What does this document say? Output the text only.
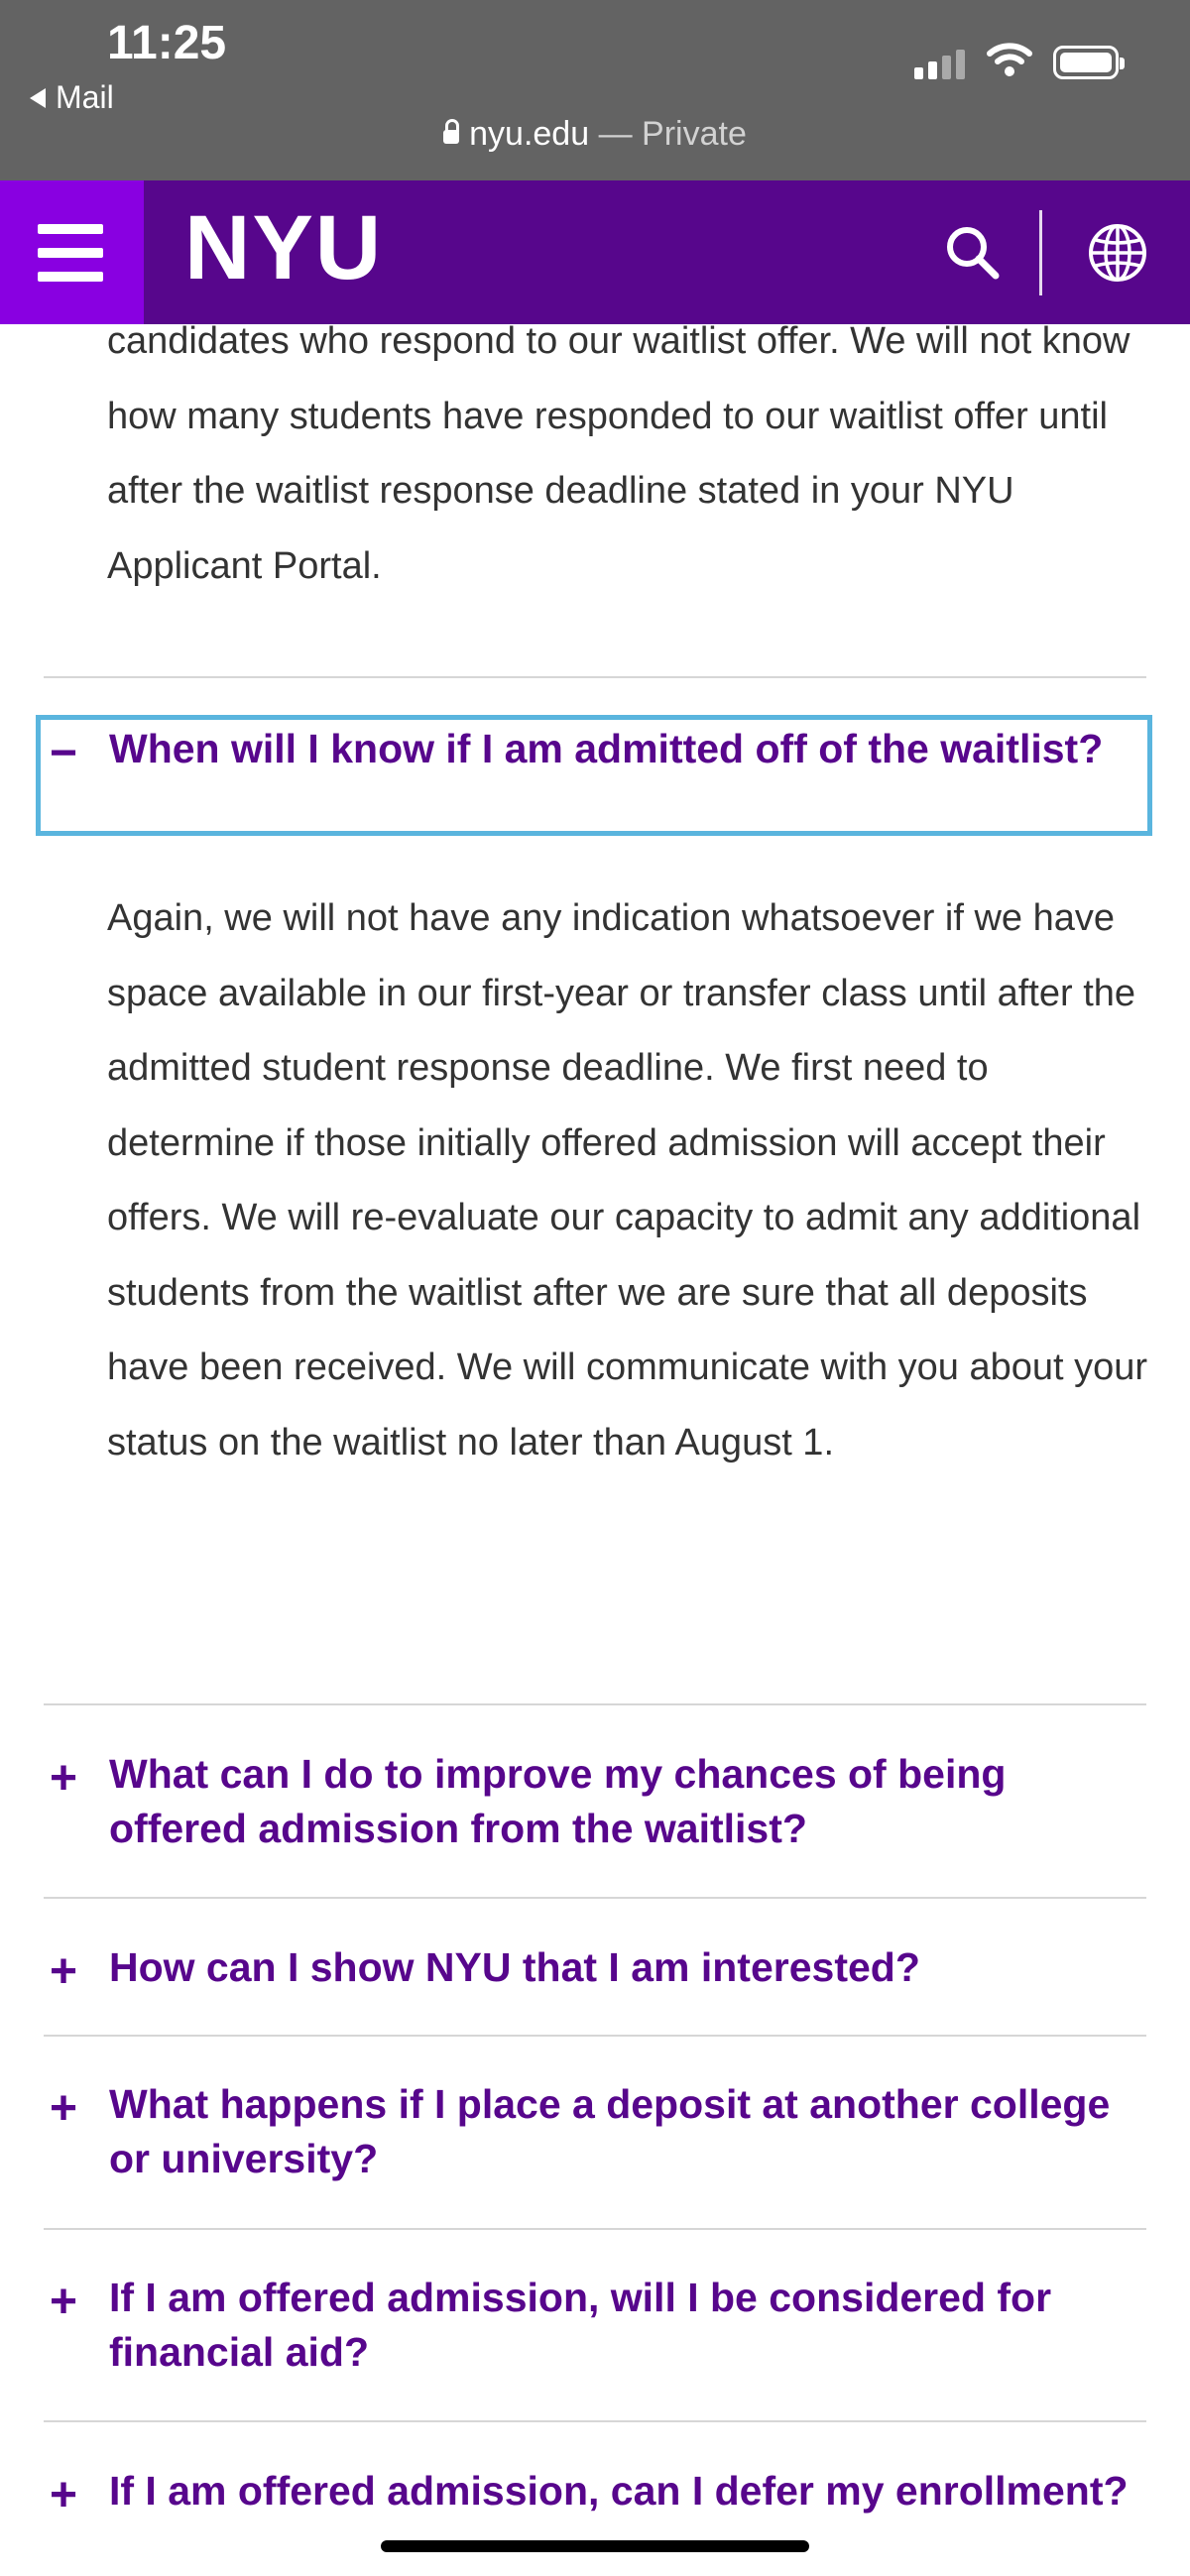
11:25
Mail
nyu.edu — Private
NYU
candidates who respond to our waitlist offer. We will not know how many students have responded to our waitlist offer until after the waitlist response deadline stated in your NYU Applicant Portal.
− When will I know if I am admitted off of the waitlist?
Again, we will not have any indication whatsoever if we have space available in our first-year or transfer class until after the admitted student response deadline. We first need to determine if those initially offered admission will accept their offers. We will re-evaluate our capacity to admit any additional students from the waitlist after we are sure that all deposits have been received. We will communicate with you about your status on the waitlist no later than August 1.
+ What can I do to improve my chances of being offered admission from the waitlist?
+ How can I show NYU that I am interested?
+ What happens if I place a deposit at another college or university?
+ If I am offered admission, will I be considered for financial aid?
+ If I am offered admission, can I defer my enrollment?
